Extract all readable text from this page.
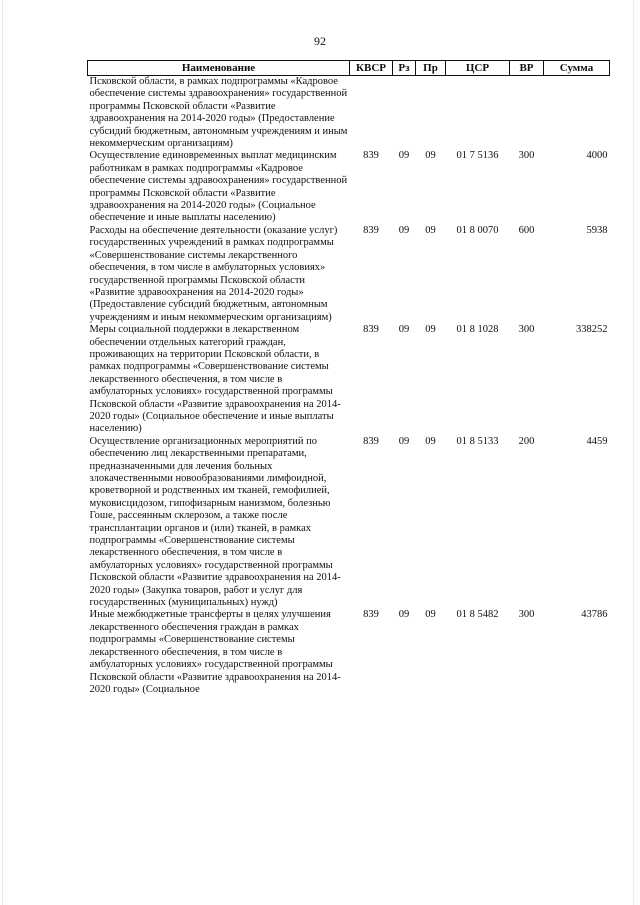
92
Наименование	КВСР	Рз	Пр	ЦСР	ВР	Сумма
Псковской области, в рамках подпрограммы «Кадровое обеспечение системы здравоохранения» государственной программы Псковской области «Развитие здравоохранения на 2014-2020 годы» (Предоставление субсидий бюджетным, автономным учреждениям и иным некоммерческим организациям)						
Осуществление единовременных выплат медицинским работникам в рамках подпрограммы «Кадровое обеспечение системы здравоохранения» государственной программы Псковской области «Развитие здравоохранения на 2014-2020 годы» (Социальное обеспечение и иные выплаты населению)	839	09	09	01 7 5136	300	4000
Расходы на обеспечение деятельности (оказание услуг) государственных учреждений в рамках подпрограммы «Совершенствование системы лекарственного обеспечения, в том числе в амбулаторных условиях» государственной программы Псковской области «Развитие здравоохранения на 2014-2020 годы» (Предоставление субсидий бюджетным, автономным учреждениям и иным некоммерческим организациям)	839	09	09	01 8 0070	600	5938
Меры социальной поддержки в лекарственном обеспечении отдельных категорий граждан, проживающих на территории Псковской области, в рамках подпрограммы «Совершенствование системы лекарственного обеспечения, в том числе в амбулаторных условиях» государственной программы Псковской области «Развитие здравоохранения на 2014-2020 годы» (Социальное обеспечение и иные выплаты населению)	839	09	09	01 8 1028	300	338252
Осуществление организационных мероприятий по обеспечению лиц лекарственными препаратами, предназначенными для лечения больных злокачественными новообразованиями лимфоидной, кроветворной и родственных им тканей, гемофилией, муковисцидозом, гипофизарным нанизмом, болезнью Гоше, рассеянным склерозом, а также после трансплантации органов и (или) тканей, в рамках подпрограммы «Совершенствование системы лекарственного обеспечения, в том числе в амбулаторных условиях» государственной программы Псковской области «Развитие здравоохранения на 2014-2020 годы» (Закупка товаров, работ и услуг для государственных (муниципальных) нужд)	839	09	09	01 8 5133	200	4459
Иные межбюджетные трансферты в целях улучшения лекарственного обеспечения граждан в рамках подпрограммы «Совершенствование системы лекарственного обеспечения, в том числе в амбулаторных условиях» государственной программы Псковской области «Развитие здравоохранения на 2014-2020 годы» (Социальное	839	09	09	01 8 5482	300	43786
